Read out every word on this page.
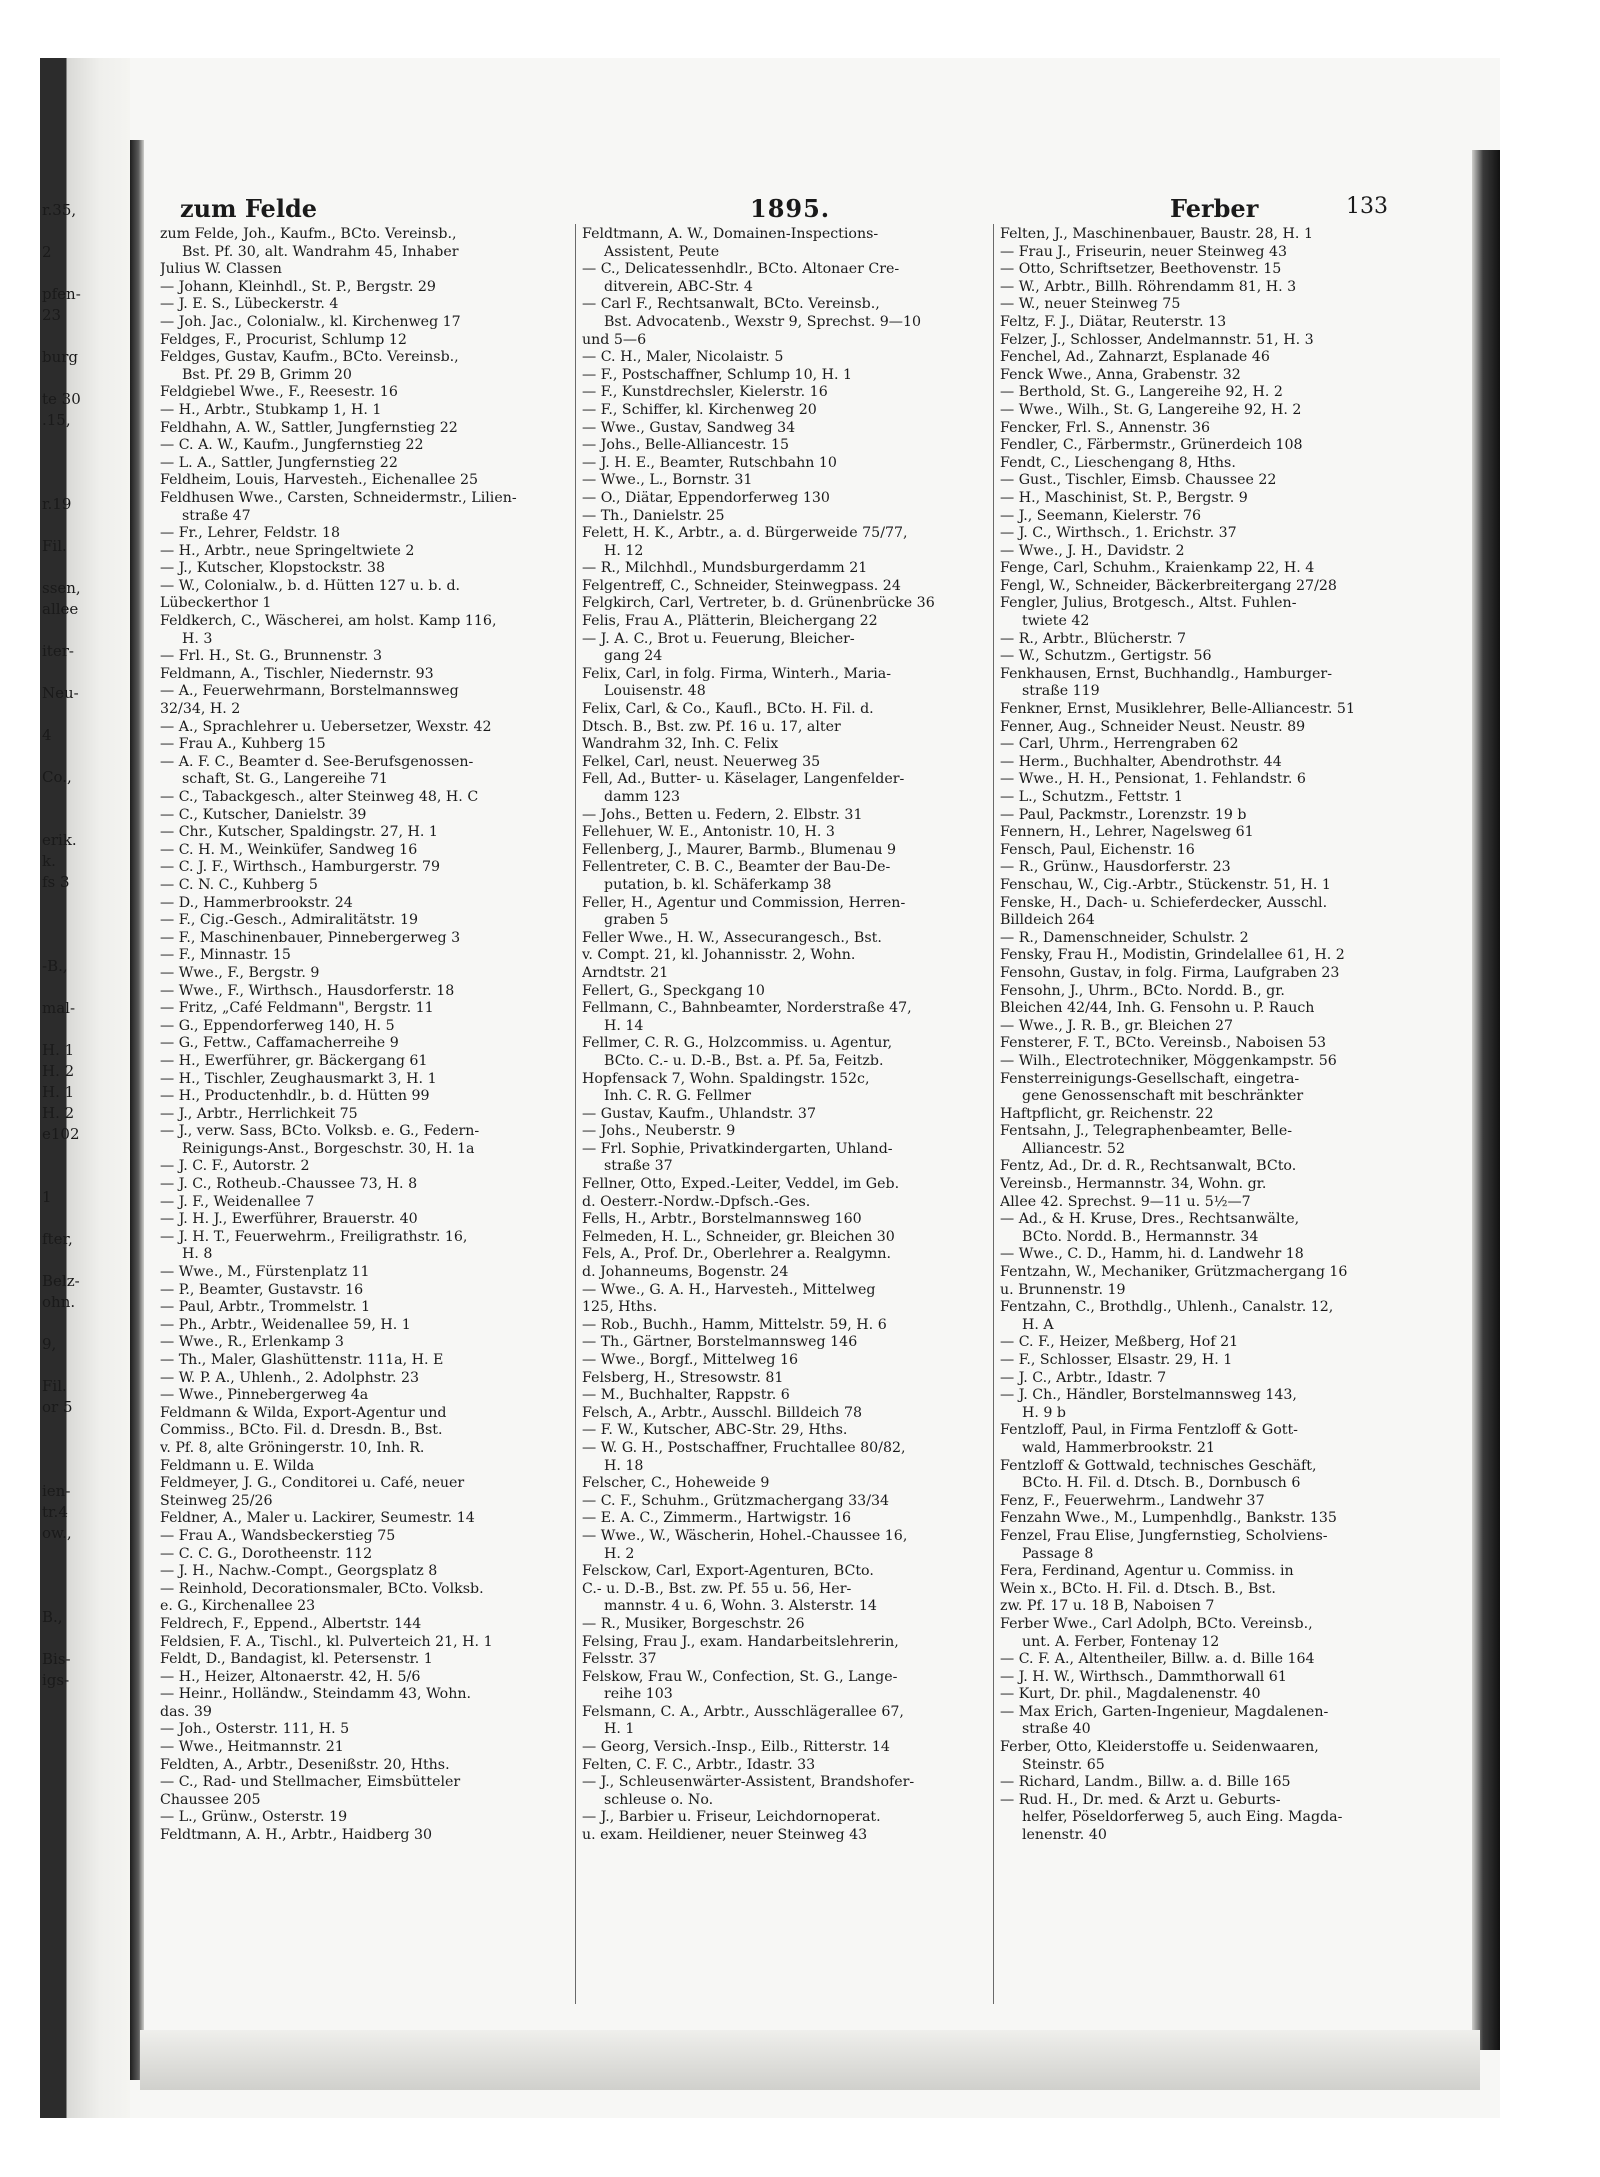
r.35,
2
pfen-
23
burg
te 30
.15,
r.19
Fil.
ssen,
allee
iter-
Neu-
4
Co.,
erik.
k.
fs 3
-B.,
mal-
H. 1
H. 2
H. 1
H. 2
e102
1
fter,
Belz-
ohn.
9,
Fil.
or 5
ien-
tr.4
ow.,
B.,
Bis-
igs-
zum Felde	1895.	Ferber	133
zum Felde, Joh., Kaufm., BCto. Vereinsb.,
Bst. Pf. 30, alt. Wandrahm 45, Inhaber
Julius W. Classen
— Johann, Kleinhdl., St. P., Bergstr. 29
— J. E. S., Lübeckerstr. 4
— Joh. Jac., Colonialw., kl. Kirchenweg 17
Feldges, F., Procurist, Schlump 12
Feldges, Gustav, Kaufm., BCto. Vereinsb.,
Bst. Pf. 29 B, Grimm 20
Feldgiebel Wwe., F., Reesestr. 16
— H., Arbtr., Stubkamp 1, H. 1
Feldhahn, A. W., Sattler, Jungfernstieg 22
— C. A. W., Kaufm., Jungfernstieg 22
— L. A., Sattler, Jungfernstieg 22
Feldheim, Louis, Harvesteh., Eichenallee 25
Feldhusen Wwe., Carsten, Schneidermstr., Lilien-
straße 47
— Fr., Lehrer, Feldstr. 18
— H., Arbtr., neue Springeltwiete 2
— J., Kutscher, Klopstockstr. 38
— W., Colonialw., b. d. Hütten 127 u. b. d.
Lübeckerthor 1
Feldkerch, C., Wäscherei, am holst. Kamp 116,
H. 3
— Frl. H., St. G., Brunnenstr. 3
Feldmann, A., Tischler, Niedernstr. 93
— A., Feuerwehrmann, Borstelmannsweg
32/34, H. 2
— A., Sprachlehrer u. Uebersetzer, Wexstr. 42
— Frau A., Kuhberg 15
— A. F. C., Beamter d. See-Berufsgenossen-
schaft, St. G., Langereihe 71
— C., Tabackgesch., alter Steinweg 48, H. C
— C., Kutscher, Danielstr. 39
— Chr., Kutscher, Spaldingstr. 27, H. 1
— C. H. M., Weinküfer, Sandweg 16
— C. J. F., Wirthsch., Hamburgerstr. 79
— C. N. C., Kuhberg 5
— D., Hammerbrookstr. 24
— F., Cig.-Gesch., Admiralitätstr. 19
— F., Maschinenbauer, Pinnebergerweg 3
— F., Minnastr. 15
— Wwe., F., Bergstr. 9
— Wwe., F., Wirthsch., Hausdorferstr. 18
— Fritz, „Café Feldmann", Bergstr. 11
— G., Eppendorferweg 140, H. 5
— G., Fettw., Caffamacherreihe 9
— H., Ewerführer, gr. Bäckergang 61
— H., Tischler, Zeughausmarkt 3, H. 1
— H., Productenhdlr., b. d. Hütten 99
— J., Arbtr., Herrlichkeit 75
— J., verw. Sass, BCto. Volksb. e. G., Federn-
Reinigungs-Anst., Borgeschstr. 30, H. 1a
— J. C. F., Autorstr. 2
— J. C., Rotheub.-Chaussee 73, H. 8
— J. F., Weidenallee 7
— J. H. J., Ewerführer, Brauerstr. 40
— J. H. T., Feuerwehrm., Freiligrathstr. 16,
H. 8
— Wwe., M., Fürstenplatz 11
— P., Beamter, Gustavstr. 16
— Paul, Arbtr., Trommelstr. 1
— Ph., Arbtr., Weidenallee 59, H. 1
— Wwe., R., Erlenkamp 3
— Th., Maler, Glashüttenstr. 111a, H. E
— W. P. A., Uhlenh., 2. Adolphstr. 23
— Wwe., Pinnebergerweg 4a
Feldmann & Wilda, Export-Agentur und
Commiss., BCto. Fil. d. Dresdn. B., Bst.
v. Pf. 8, alte Gröningerstr. 10, Inh. R.
Feldmann u. E. Wilda
Feldmeyer, J. G., Conditorei u. Café, neuer
Steinweg 25/26
Feldner, A., Maler u. Lackirer, Seumestr. 14
— Frau A., Wandsbeckerstieg 75
— C. C. G., Dorotheenstr. 112
— J. H., Nachw.-Compt., Georgsplatz 8
— Reinhold, Decorationsmaler, BCto. Volksb.
e. G., Kirchenallee 23
Feldrech, F., Eppend., Albertstr. 144
Feldsien, F. A., Tischl., kl. Pulverteich 21, H. 1
Feldt, D., Bandagist, kl. Petersenstr. 1
— H., Heizer, Altonaerstr. 42, H. 5/6
— Heinr., Holländw., Steindamm 43, Wohn.
das. 39
— Joh., Osterstr. 111, H. 5
— Wwe., Heitmannstr. 21
Feldten, A., Arbtr., Desenißstr. 20, Hths.
— C., Rad- und Stellmacher, Eimsbütteler
Chaussee 205
— L., Grünw., Osterstr. 19
Feldtmann, A. H., Arbtr., Haidberg 30
Feldtmann, A. W., Domainen-Inspections-
Assistent, Peute
— C., Delicatessenhdlr., BCto. Altonaer Cre-
ditverein, ABC-Str. 4
— Carl F., Rechtsanwalt, BCto. Vereinsb.,
Bst. Advocatenb., Wexstr 9, Sprechst. 9—10
und 5—6
— C. H., Maler, Nicolaistr. 5
— F., Postschaffner, Schlump 10, H. 1
— F., Kunstdrechsler, Kielerstr. 16
— F., Schiffer, kl. Kirchenweg 20
— Wwe., Gustav, Sandweg 34
— Johs., Belle-Alliancestr. 15
— J. H. E., Beamter, Rutschbahn 10
— Wwe., L., Bornstr. 31
— O., Diätar, Eppendorferweg 130
— Th., Danielstr. 25
Felett, H. K., Arbtr., a. d. Bürgerweide 75/77,
H. 12
— R., Milchhdl., Mundsburgerdamm 21
Felgentreff, C., Schneider, Steinwegpass. 24
Felgkirch, Carl, Vertreter, b. d. Grünenbrücke 36
Felis, Frau A., Plätterin, Bleichergang 22
— J. A. C., Brot u. Feuerung, Bleicher-
gang 24
Felix, Carl, in folg. Firma, Winterh., Maria-
Louisenstr. 48
Felix, Carl, & Co., Kaufl., BCto. H. Fil. d.
Dtsch. B., Bst. zw. Pf. 16 u. 17, alter
Wandrahm 32, Inh. C. Felix
Felkel, Carl, neust. Neuerweg 35
Fell, Ad., Butter- u. Käselager, Langenfelder-
damm 123
— Johs., Betten u. Federn, 2. Elbstr. 31
Fellehuer, W. E., Antonistr. 10, H. 3
Fellenberg, J., Maurer, Barmb., Blumenau 9
Fellentreter, C. B. C., Beamter der Bau-De-
putation, b. kl. Schäferkamp 38
Feller, H., Agentur und Commission, Herren-
graben 5
Feller Wwe., H. W., Assecurangesch., Bst.
v. Compt. 21, kl. Johannisstr. 2, Wohn.
Arndtstr. 21
Fellert, G., Speckgang 10
Fellmann, C., Bahnbeamter, Norderstraße 47,
H. 14
Fellmer, C. R. G., Holzcommiss. u. Agentur,
BCto. C.- u. D.-B., Bst. a. Pf. 5a, Feitzb.
Hopfensack 7, Wohn. Spaldingstr. 152c,
Inh. C. R. G. Fellmer
— Gustav, Kaufm., Uhlandstr. 37
— Johs., Neuberstr. 9
— Frl. Sophie, Privatkindergarten, Uhland-
straße 37
Fellner, Otto, Exped.-Leiter, Veddel, im Geb.
d. Oesterr.-Nordw.-Dpfsch.-Ges.
Fells, H., Arbtr., Borstelmannsweg 160
Felmeden, H. L., Schneider, gr. Bleichen 30
Fels, A., Prof. Dr., Oberlehrer a. Realgymn.
d. Johanneums, Bogenstr. 24
— Wwe., G. A. H., Harvesteh., Mittelweg
125, Hths.
— Rob., Buchh., Hamm, Mittelstr. 59, H. 6
— Th., Gärtner, Borstelmannsweg 146
— Wwe., Borgf., Mittelweg 16
Felsberg, H., Stresowstr. 81
— M., Buchhalter, Rappstr. 6
Felsch, A., Arbtr., Ausschl. Billdeich 78
— F. W., Kutscher, ABC-Str. 29, Hths.
— W. G. H., Postschaffner, Fruchtallee 80/82,
H. 18
Felscher, C., Hoheweide 9
— C. F., Schuhm., Grützmachergang 33/34
— E. A. C., Zimmerm., Hartwigstr. 16
— Wwe., W., Wäscherin, Hohel.-Chaussee 16,
H. 2
Felsckow, Carl, Export-Agenturen, BCto.
C.- u. D.-B., Bst. zw. Pf. 55 u. 56, Her-
mannstr. 4 u. 6, Wohn. 3. Alsterstr. 14
— R., Musiker, Borgeschstr. 26
Felsing, Frau J., exam. Handarbeitslehrerin,
Felsstr. 37
Felskow, Frau W., Confection, St. G., Lange-
reihe 103
Felsmann, C. A., Arbtr., Ausschlägerallee 67,
H. 1
— Georg, Versich.-Insp., Eilb., Ritterstr. 14
Felten, C. F. C., Arbtr., Idastr. 33
— J., Schleusenwärter-Assistent, Brandshofer-
schleuse o. No.
— J., Barbier u. Friseur, Leichdornoperat.
u. exam. Heildiener, neuer Steinweg 43
Felten, J., Maschinenbauer, Baustr. 28, H. 1
— Frau J., Friseurin, neuer Steinweg 43
— Otto, Schriftsetzer, Beethovenstr. 15
— W., Arbtr., Billh. Röhrendamm 81, H. 3
— W., neuer Steinweg 75
Feltz, F. J., Diätar, Reuterstr. 13
Felzer, J., Schlosser, Andelmannstr. 51, H. 3
Fenchel, Ad., Zahnarzt, Esplanade 46
Fenck Wwe., Anna, Grabenstr. 32
— Berthold, St. G., Langereihe 92, H. 2
— Wwe., Wilh., St. G, Langereihe 92, H. 2
Fencker, Frl. S., Annenstr. 36
Fendler, C., Färbermstr., Grünerdeich 108
Fendt, C., Lieschengang 8, Hths.
— Gust., Tischler, Eimsb. Chaussee 22
— H., Maschinist, St. P., Bergstr. 9
— J., Seemann, Kielerstr. 76
— J. C., Wirthsch., 1. Erichstr. 37
— Wwe., J. H., Davidstr. 2
Fenge, Carl, Schuhm., Kraienkamp 22, H. 4
Fengl, W., Schneider, Bäckerbreitergang 27/28
Fengler, Julius, Brotgesch., Altst. Fuhlen-
twiete 42
— R., Arbtr., Blücherstr. 7
— W., Schutzm., Gertigstr. 56
Fenkhausen, Ernst, Buchhandlg., Hamburger-
straße 119
Fenkner, Ernst, Musiklehrer, Belle-Alliancestr. 51
Fenner, Aug., Schneider Neust. Neustr. 89
— Carl, Uhrm., Herrengraben 62
— Herm., Buchhalter, Abendrothstr. 44
— Wwe., H. H., Pensionat, 1. Fehlandstr. 6
— L., Schutzm., Fettstr. 1
— Paul, Packmstr., Lorenzstr. 19 b
Fennern, H., Lehrer, Nagelsweg 61
Fensch, Paul, Eichenstr. 16
— R., Grünw., Hausdorferstr. 23
Fenschau, W., Cig.-Arbtr., Stückenstr. 51, H. 1
Fenske, H., Dach- u. Schieferdecker, Ausschl.
Billdeich 264
— R., Damenschneider, Schulstr. 2
Fensky, Frau H., Modistin, Grindelallee 61, H. 2
Fensohn, Gustav, in folg. Firma, Laufgraben 23
Fensohn, J., Uhrm., BCto. Nordd. B., gr.
Bleichen 42/44, Inh. G. Fensohn u. P. Rauch
— Wwe., J. R. B., gr. Bleichen 27
Fensterer, F. T., BCto. Vereinsb., Naboisen 53
— Wilh., Electrotechniker, Möggenkampstr. 56
Fensterreinigungs-Gesellschaft, eingetra-
gene Genossenschaft mit beschränkter
Haftpflicht, gr. Reichenstr. 22
Fentsahn, J., Telegraphenbeamter, Belle-
Alliancestr. 52
Fentz, Ad., Dr. d. R., Rechtsanwalt, BCto.
Vereinsb., Hermannstr. 34, Wohn. gr.
Allee 42. Sprechst. 9—11 u. 5½—7
— Ad., & H. Kruse, Dres., Rechtsanwälte,
BCto. Nordd. B., Hermannstr. 34
— Wwe., C. D., Hamm, hi. d. Landwehr 18
Fentzahn, W., Mechaniker, Grützmachergang 16
u. Brunnenstr. 19
Fentzahn, C., Brothdlg., Uhlenh., Canalstr. 12,
H. A
— C. F., Heizer, Meßberg, Hof 21
— F., Schlosser, Elsastr. 29, H. 1
— J. C., Arbtr., Idastr. 7
— J. Ch., Händler, Borstelmannsweg 143,
H. 9 b
Fentzloff, Paul, in Firma Fentzloff & Gott-
wald, Hammerbrookstr. 21
Fentzloff & Gottwald, technisches Geschäft,
BCto. H. Fil. d. Dtsch. B., Dornbusch 6
Fenz, F., Feuerwehrm., Landwehr 37
Fenzahn Wwe., M., Lumpenhdlg., Bankstr. 135
Fenzel, Frau Elise, Jungfernstieg, Scholviens-
Passage 8
Fera, Ferdinand, Agentur u. Commiss. in
Wein x., BCto. H. Fil. d. Dtsch. B., Bst.
zw. Pf. 17 u. 18 B, Naboisen 7
Ferber Wwe., Carl Adolph, BCto. Vereinsb.,
unt. A. Ferber, Fontenay 12
— C. F. A., Altentheiler, Billw. a. d. Bille 164
— J. H. W., Wirthsch., Dammthorwall 61
— Kurt, Dr. phil., Magdalenenstr. 40
— Max Erich, Garten-Ingenieur, Magdalenen-
straße 40
Ferber, Otto, Kleiderstoffe u. Seidenwaaren,
Steinstr. 65
— Richard, Landm., Billw. a. d. Bille 165
— Rud. H., Dr. med. & Arzt u. Geburts-
helfer, Pöseldorferweg 5, auch Eing. Magda-
lenenstr. 40
